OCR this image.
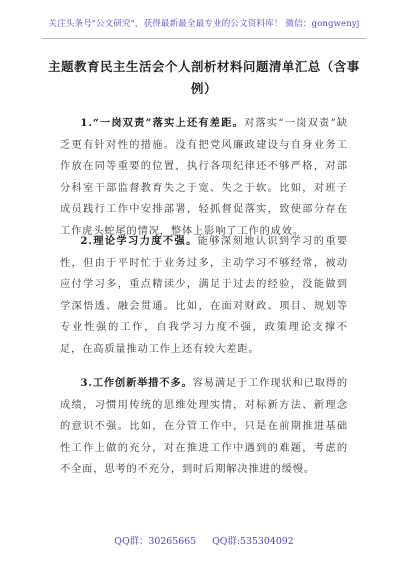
关注头条号"公文研究"，获得最新最全最专业的公文资料库！ 微信：gongwenyj
主题教育民主生活会个人剖析材料问题清单汇总（含事例）

1.“一岗双责”落实上还有差距。对落实“一岗双责”缺乏更有针对性的措施。没有把党风廉政建设与自身业务工作放在同等重要的位置，执行各项纪律还不够严格，对部分科室干部监督教育失之于宽、失之于软。比如，对班子成员践行工作中安排部署，轻抓督促落实，致使部分存在工作虎头蛇尾的情况，整体上影响了工作的成效。

2.理论学习力度不强。能够深刻地认识到学习的重要性，但由于平时忙于业务过多，主动学习不够经常，被动应付学习多，重点精读少，满足于过去的经验，没能做到学深悟透、融会贯通。比如，在面对财政、项目、规划等专业性强的工作，自我学习力度不强，政策理论支撑不足，在高质量推动工作上还有较大差距。

3.工作创新举措不多。容易满足于工作现状和已取得的成绩，习惯用传统的思维处理实情，对标新方法、新理念的意识不强。比如，在分管工作中，只是在前期推进基础性工作上做的充分，对在推进工作中遇到的难题，考虑的不全面，思考的不充分，到时后期解决推进的缓慢。

QQ群：30265665 QQ群:535304092
